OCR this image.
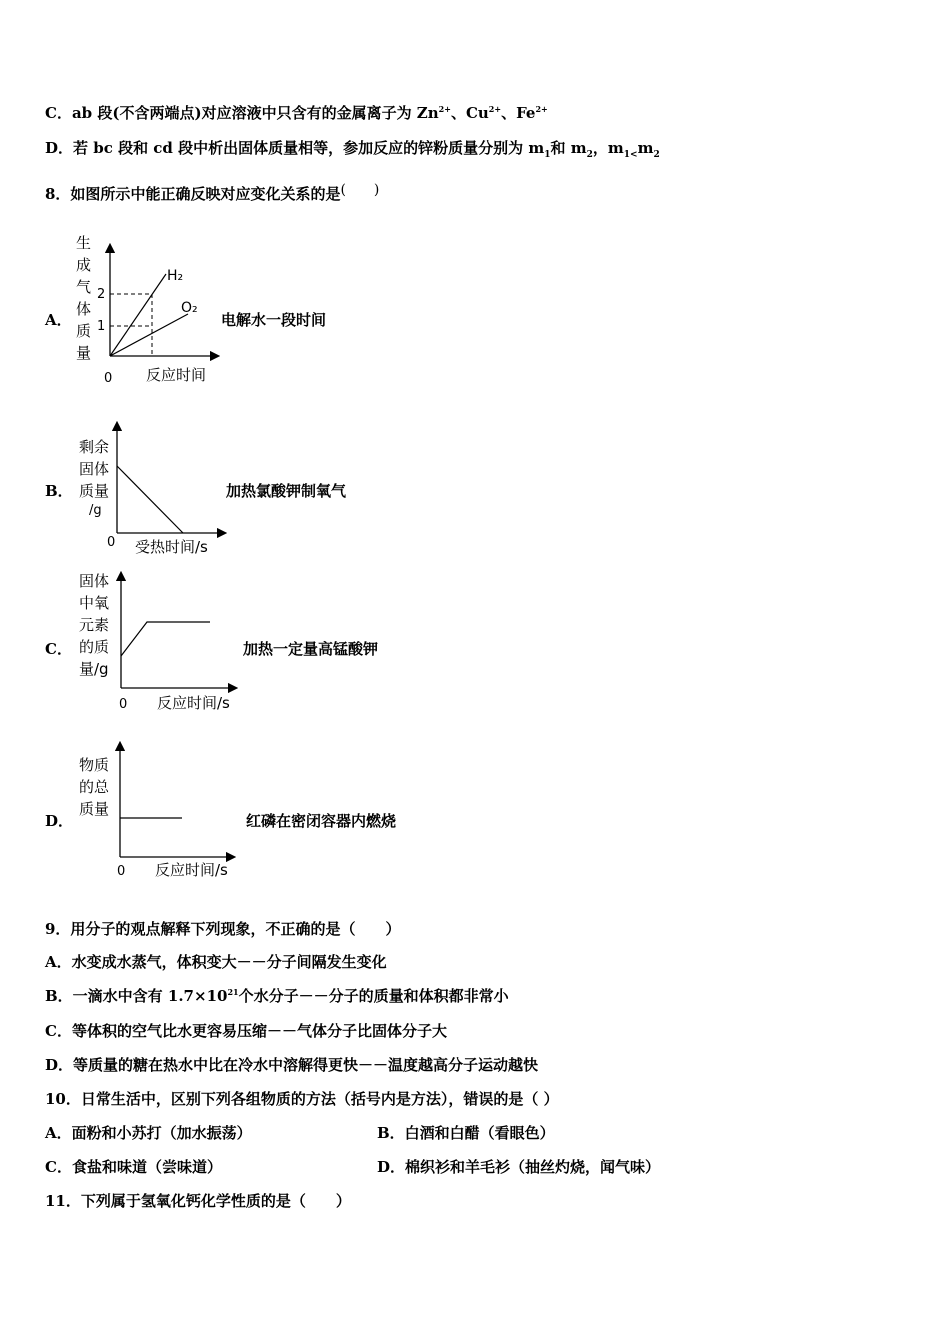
C．ab 段(不含两端点)对应溶液中只含有的金属离子为 $Zn^{2+}$、$Cu^{2+}$、$Fe^{2+}$
D．若 bc 段和 cd 段中析出固体质量相等，参加反应的锌粉质量分别为 $m_1$和 $m_2$，$m_{1<}m_2$
8．如图所示中能正确反映对应变化关系的是(　　)
A．
生
成
气
体
质
量
H₂
O₂
2
1
0 反应时间
电解水一段时间
B．
剩余
固体
质量
/g
0 受热时间/s
加热氯酸钾制氧气
C．
固体
中氧
元素
的质
量/g
0 反应时间/s
加热一定量高锰酸钾
D．
物质
的总
质量
0 反应时间/s
红磷在密闭容器内燃烧
9．用分子的观点解释下列现象，不正确的是（　　）
A．水变成水蒸气，体积变大－－分子间隔发生变化
B．一滴水中含有 $1.7\times 10^{21}$个水分子－－分子的质量和体积都非常小
C．等体积的空气比水更容易压缩－－气体分子比固体分子大
D．等质量的糖在热水中比在冷水中溶解得更快－－温度越高分子运动越快
10．日常生活中，区别下列各组物质的方法（括号内是方法），错误的是（ ）
A．面粉和小苏打（加水振荡）	B．白酒和白醋（看眼色）
C．食盐和味道（尝味道）	D．棉织衫和羊毛衫（抽丝灼烧，闻气味）
11．下列属于氢氧化钙化学性质的是（　　）
